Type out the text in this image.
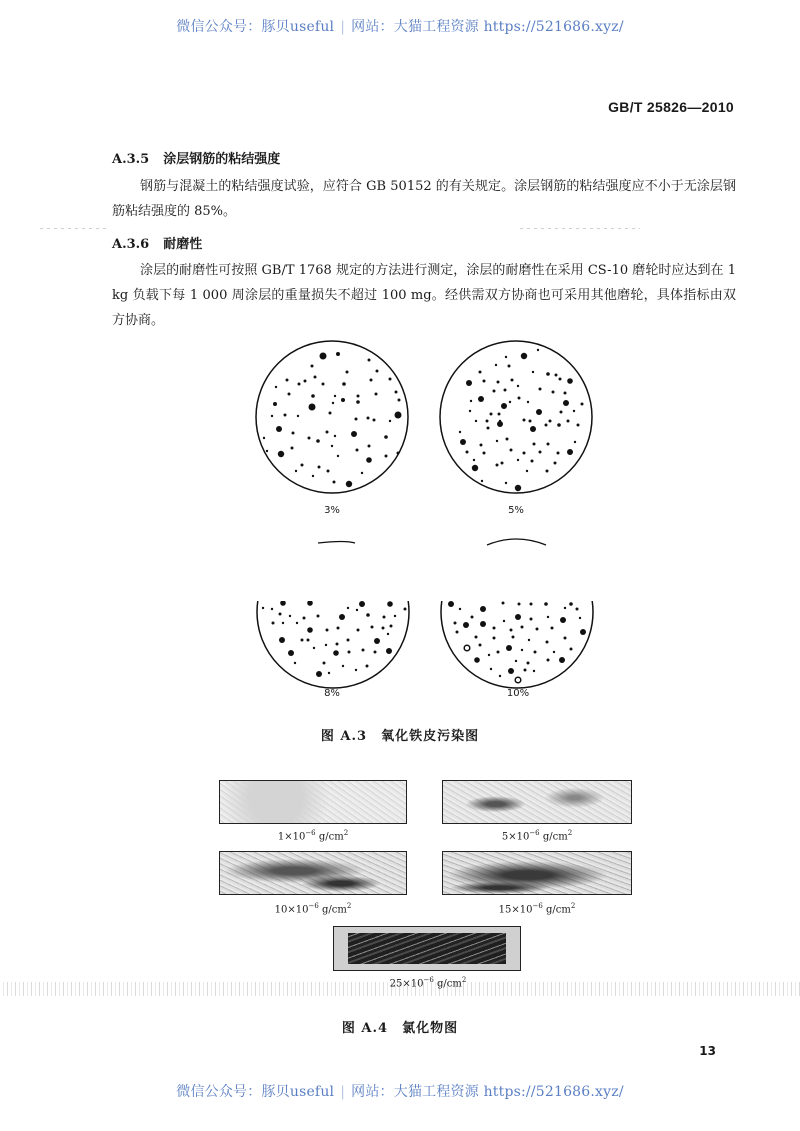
微信公众号：豚贝useful | 网站：大猫工程资源 https://521686.xyz/
GB/T 25826—2010
A.3.5 涂层钢筋的粘结强度
钢筋与混凝土的粘结强度试验，应符合 GB 50152 的有关规定。涂层钢筋的粘结强度应不小于无涂层钢筋粘结强度的 85%。
A.3.6 耐磨性
涂层的耐磨性可按照 GB/T 1768 规定的方法进行测定，涂层的耐磨性在采用 CS-10 磨轮时应达到在 1 kg 负载下每 1 000 周涂层的重量损失不超过 100 mg。经供需双方协商也可采用其他磨轮，具体指标由双方协商。
3%	5%
8%	10%
图 A.3 氧化铁皮污染图
$1\times 10^{-6}$ $g/cm^2$	$5\times 10^{-6}$ $g/cm^2$
$10\times 10^{-6}$ $g/cm^2$	$15\times 10^{-6}$ $g/cm^2$
$25\times 10^{-6}$ $g/cm^2$
图 A.4 氯化物图
13
微信公众号：豚贝useful | 网站：大猫工程资源 https://521686.xyz/
